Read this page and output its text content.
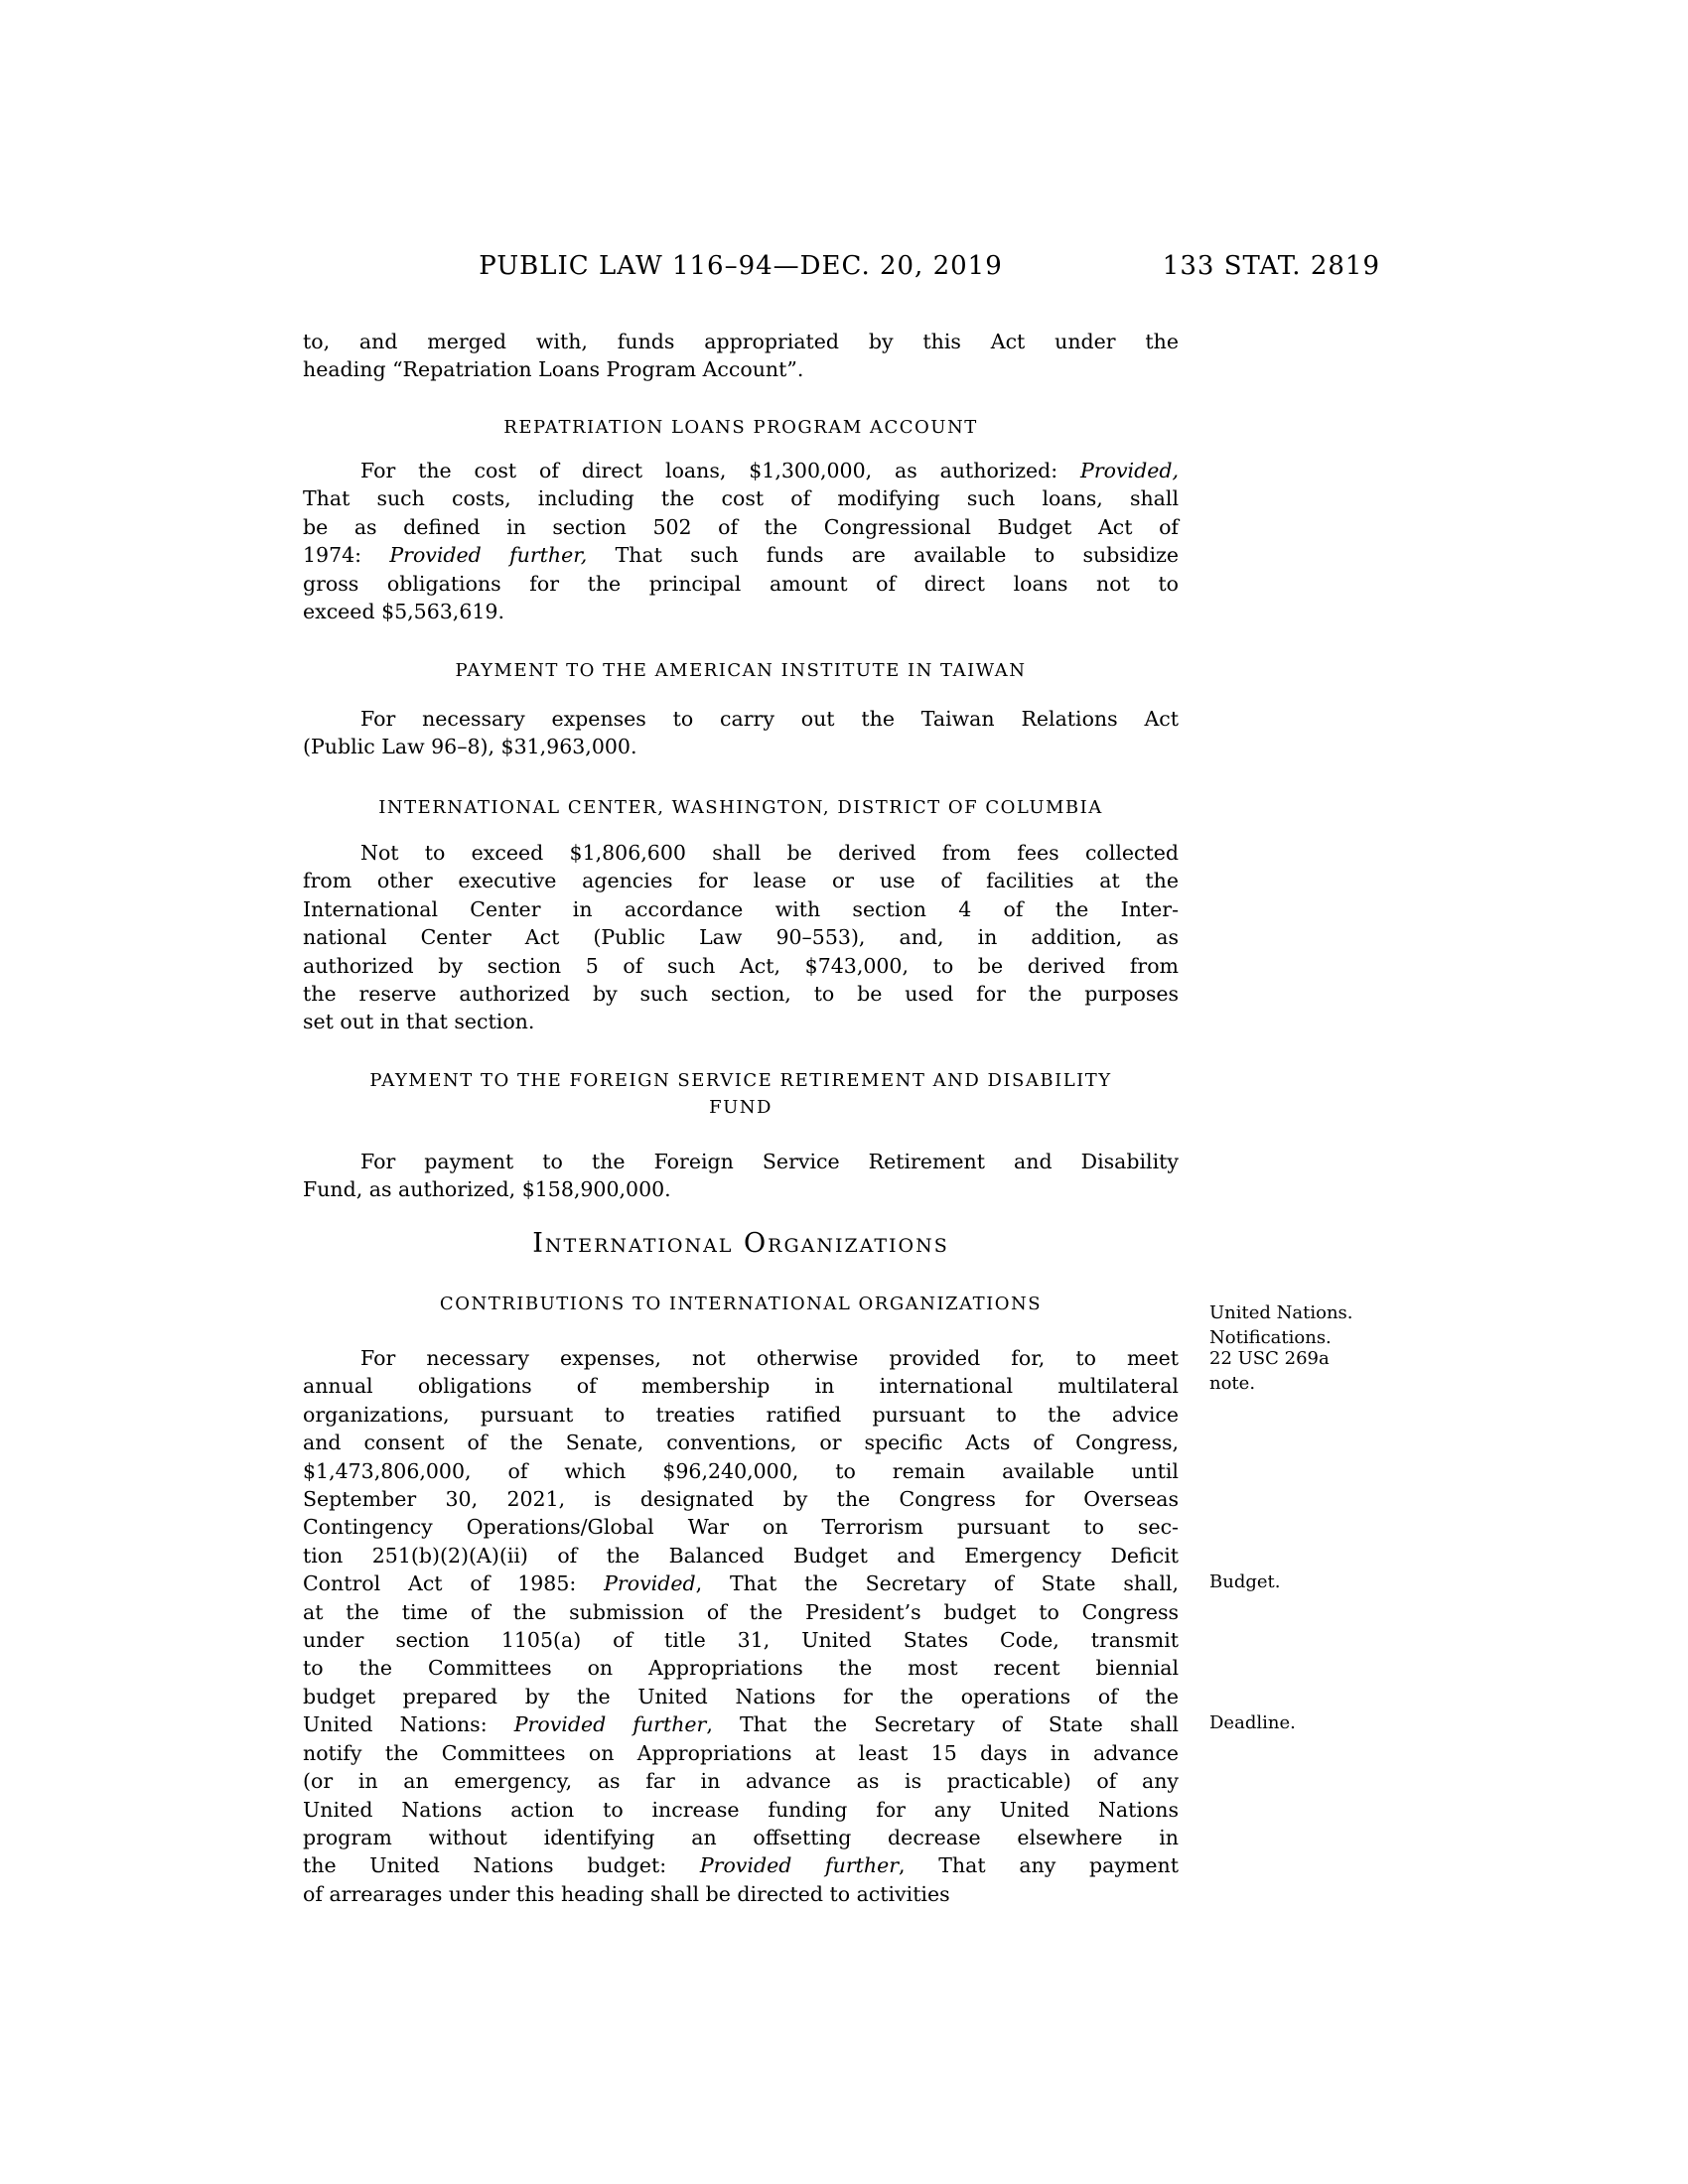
PUBLIC LAW 116–94—DEC. 20, 2019	133 STAT. 2819
to, and merged with, funds appropriated by this Act under the
heading “Repatriation Loans Program Account”.
REPATRIATION LOANS PROGRAM ACCOUNT
For the cost of direct loans, $1,300,000, as authorized: Provided,
That such costs, including the cost of modifying such loans, shall
be as defined in section 502 of the Congressional Budget Act of
1974: Provided further, That such funds are available to subsidize
gross obligations for the principal amount of direct loans not to
exceed $5,563,619.
PAYMENT TO THE AMERICAN INSTITUTE IN TAIWAN
For necessary expenses to carry out the Taiwan Relations Act
(Public Law 96–8), $31,963,000.
INTERNATIONAL CENTER, WASHINGTON, DISTRICT OF COLUMBIA
Not to exceed $1,806,600 shall be derived from fees collected
from other executive agencies for lease or use of facilities at the
International Center in accordance with section 4 of the Inter-
national Center Act (Public Law 90–553), and, in addition, as
authorized by section 5 of such Act, $743,000, to be derived from
the reserve authorized by such section, to be used for the purposes
set out in that section.
PAYMENT TO THE FOREIGN SERVICE RETIREMENT AND DISABILITY
FUND
For payment to the Foreign Service Retirement and Disability
Fund, as authorized, $158,900,000.
International Organizations
CONTRIBUTIONS TO INTERNATIONAL ORGANIZATIONS
For necessary expenses, not otherwise provided for, to meet
annual obligations of membership in international multilateral
organizations, pursuant to treaties ratified pursuant to the advice
and consent of the Senate, conventions, or specific Acts of Congress,
$1,473,806,000, of which $96,240,000, to remain available until
September 30, 2021, is designated by the Congress for Overseas
Contingency Operations/Global War on Terrorism pursuant to sec-
tion 251(b)(2)(A)(ii) of the Balanced Budget and Emergency Deficit
Control Act of 1985: Provided, That the Secretary of State shall,
at the time of the submission of the President’s budget to Congress
under section 1105(a) of title 31, United States Code, transmit
to the Committees on Appropriations the most recent biennial
budget prepared by the United Nations for the operations of the
United Nations: Provided further, That the Secretary of State shall
notify the Committees on Appropriations at least 15 days in advance
(or in an emergency, as far in advance as is practicable) of any
United Nations action to increase funding for any United Nations
program without identifying an offsetting decrease elsewhere in
the United Nations budget: Provided further, That any payment
of arrearages under this heading shall be directed to activities
United Nations.
Notifications.
22 USC 269a
note.
Budget.
Deadline.
